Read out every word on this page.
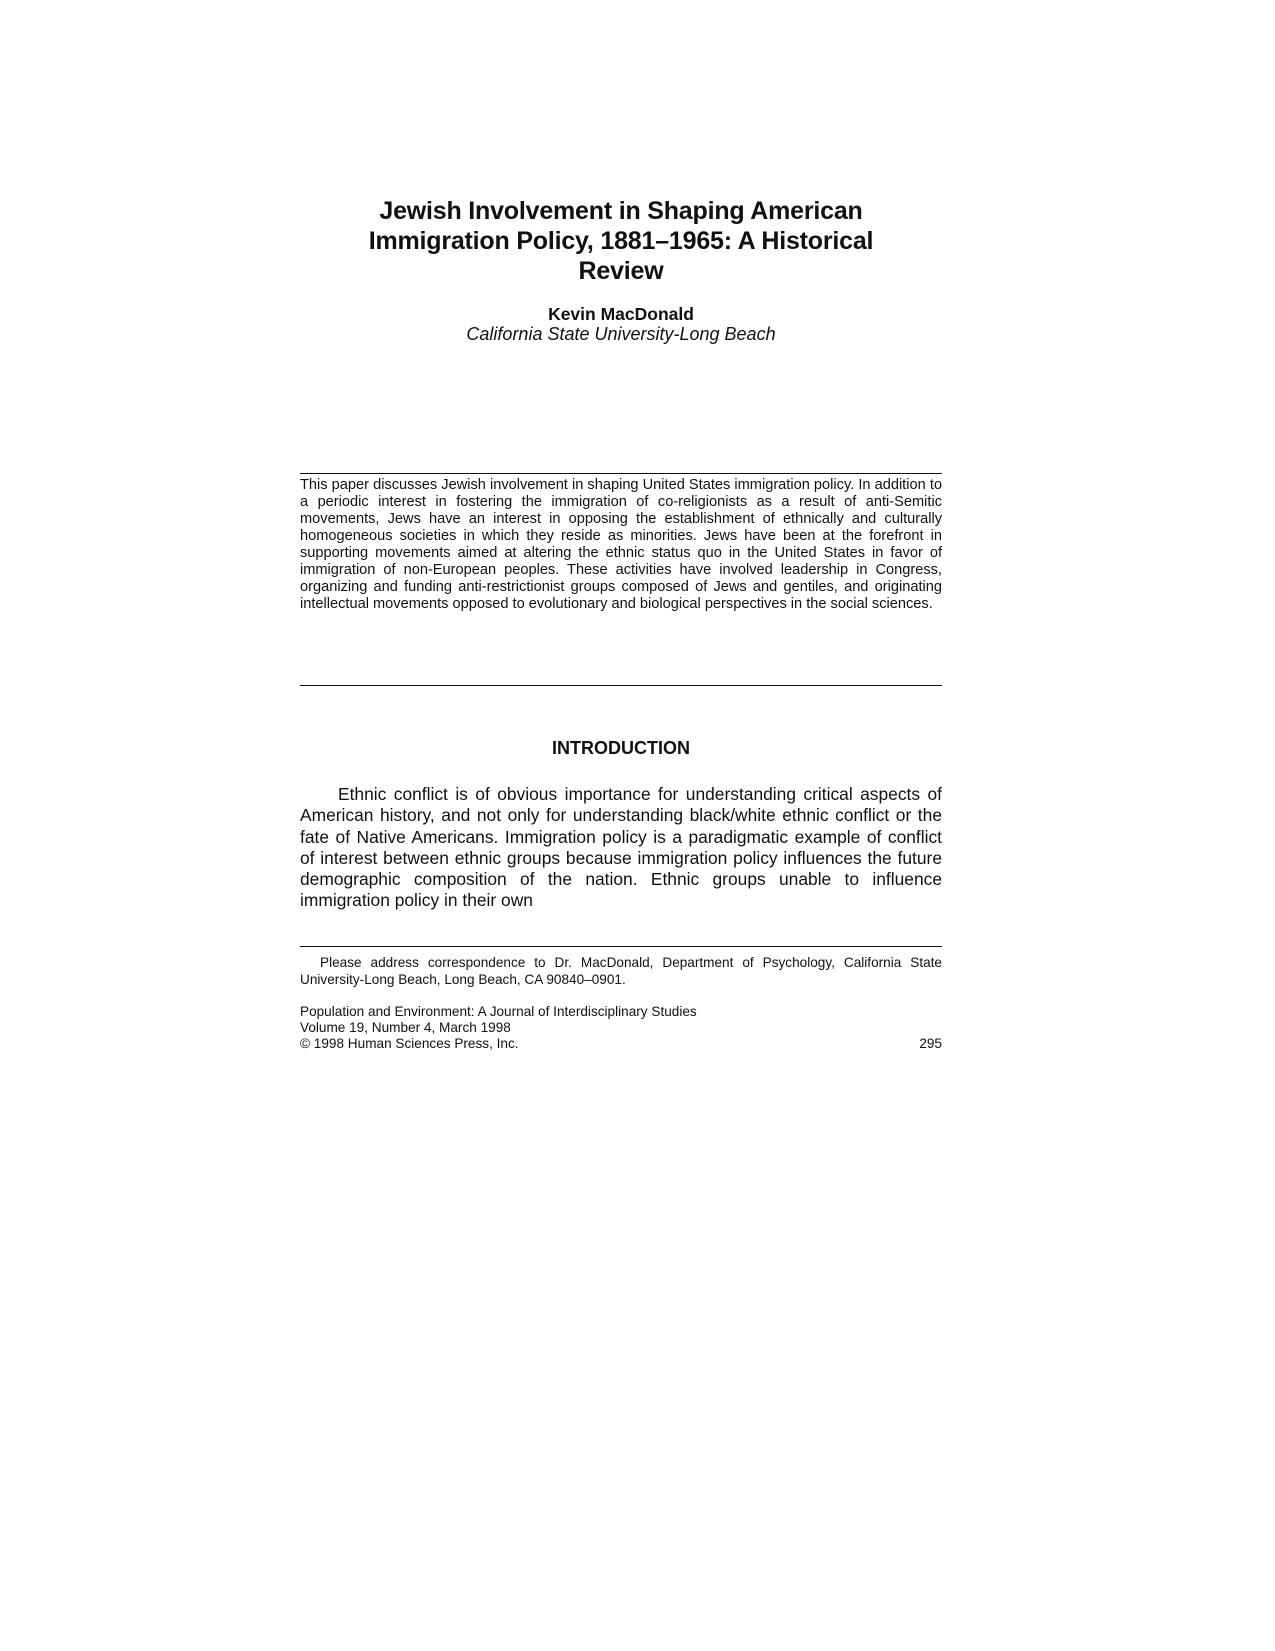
Jewish Involvement in Shaping American
Immigration Policy, 1881–1965: A Historical
Review

Kevin MacDonald

California State University-Long Beach

This paper discusses Jewish involvement in shaping United States immigration policy. In addition to a periodic interest in fostering the immigration of co-religionists as a result of anti-Semitic movements, Jews have an interest in opposing the establishment of ethnically and culturally homogeneous societies in which they reside as minorities. Jews have been at the forefront in supporting movements aimed at altering the ethnic status quo in the United States in favor of immigration of non-European peoples. These activities have involved leadership in Congress, organizing and funding anti-restrictionist groups composed of Jews and gentiles, and originating intellectual movements opposed to evolutionary and biological perspectives in the social sciences.

INTRODUCTION

Ethnic conflict is of obvious importance for understanding critical aspects of American history, and not only for understanding black/white ethnic conflict or the fate of Native Americans. Immigration policy is a paradigmatic example of conflict of interest between ethnic groups because immigration policy influences the future demographic composition of the nation. Ethnic groups unable to influence immigration policy in their own

Please address correspondence to Dr. MacDonald, Department of Psychology, California State University-Long Beach, Long Beach, CA 90840–0901.

Population and Environment: A Journal of Interdisciplinary Studies
Volume 19, Number 4, March 1998
© 1998 Human Sciences Press, Inc.	295
